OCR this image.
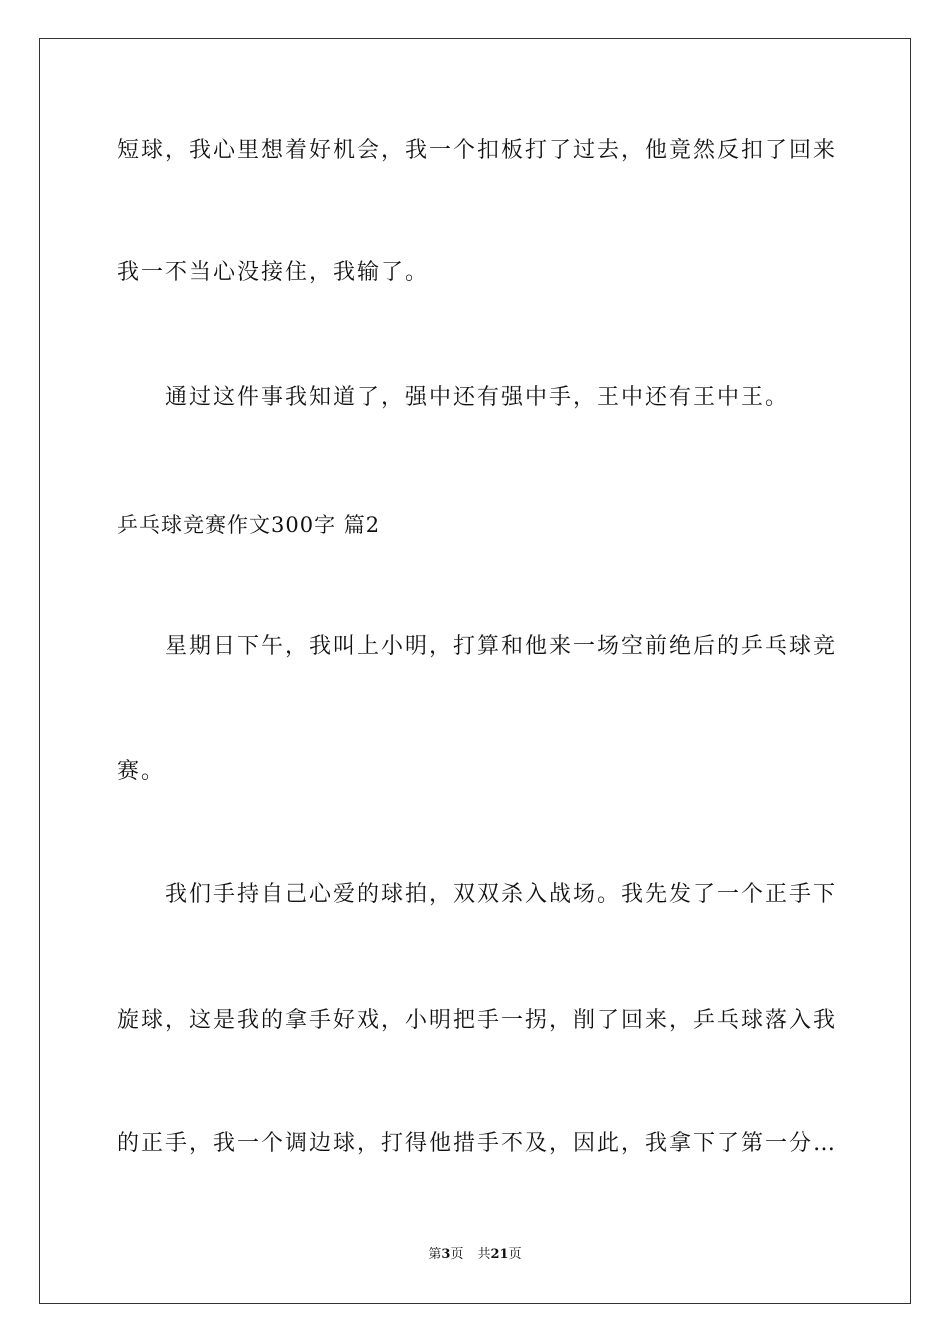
短球，我心里想着好机会，我一个扣板打了过去，他竟然反扣了回来
我一不当心没接住，我输了。
通过这件事我知道了，强中还有强中手，王中还有王中王。
乒乓球竞赛作文300字 篇2
星期日下午，我叫上小明，打算和他来一场空前绝后的乒乓球竞
赛。
我们手持自己心爱的球拍，双双杀入战场。我先发了一个正手下
旋球，这是我的拿手好戏，小明把手一拐，削了回来，乒乓球落入我
的正手，我一个调边球，打得他措手不及，因此，我拿下了第一分…
第3页 共21页
